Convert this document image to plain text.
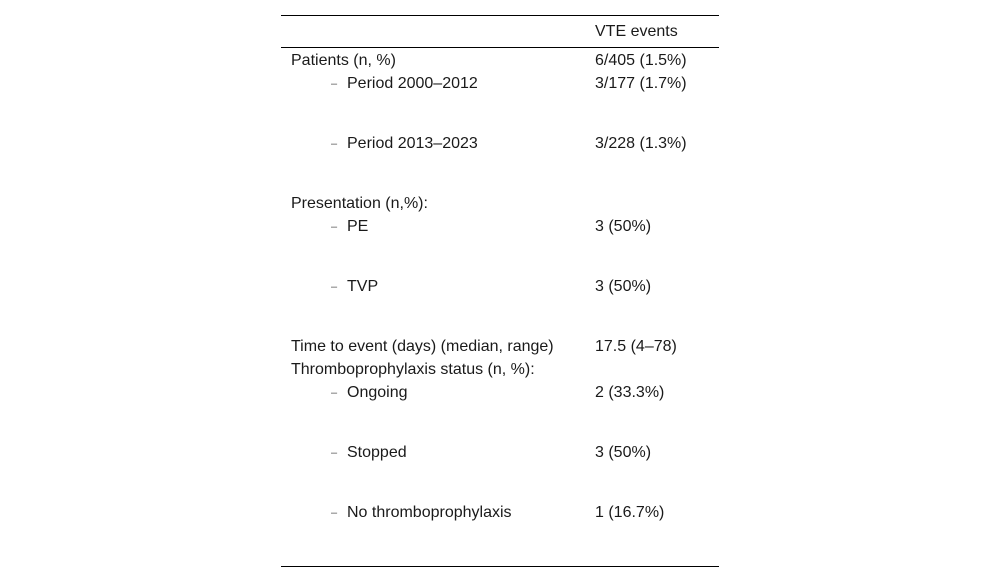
VTE events
Patients (n, %)	6/405 (1.5%)
– Period 2000–2012	3/177 (1.7%)
– Period 2013–2023	3/228 (1.3%)
Presentation (n,%):
– PE	3 (50%)
– TVP	3 (50%)
Time to event (days) (median, range)	17.5 (4–78)
Thromboprophylaxis status (n, %):
– Ongoing	2 (33.3%)
– Stopped	3 (50%)
– No thromboprophylaxis	1 (16.7%)
